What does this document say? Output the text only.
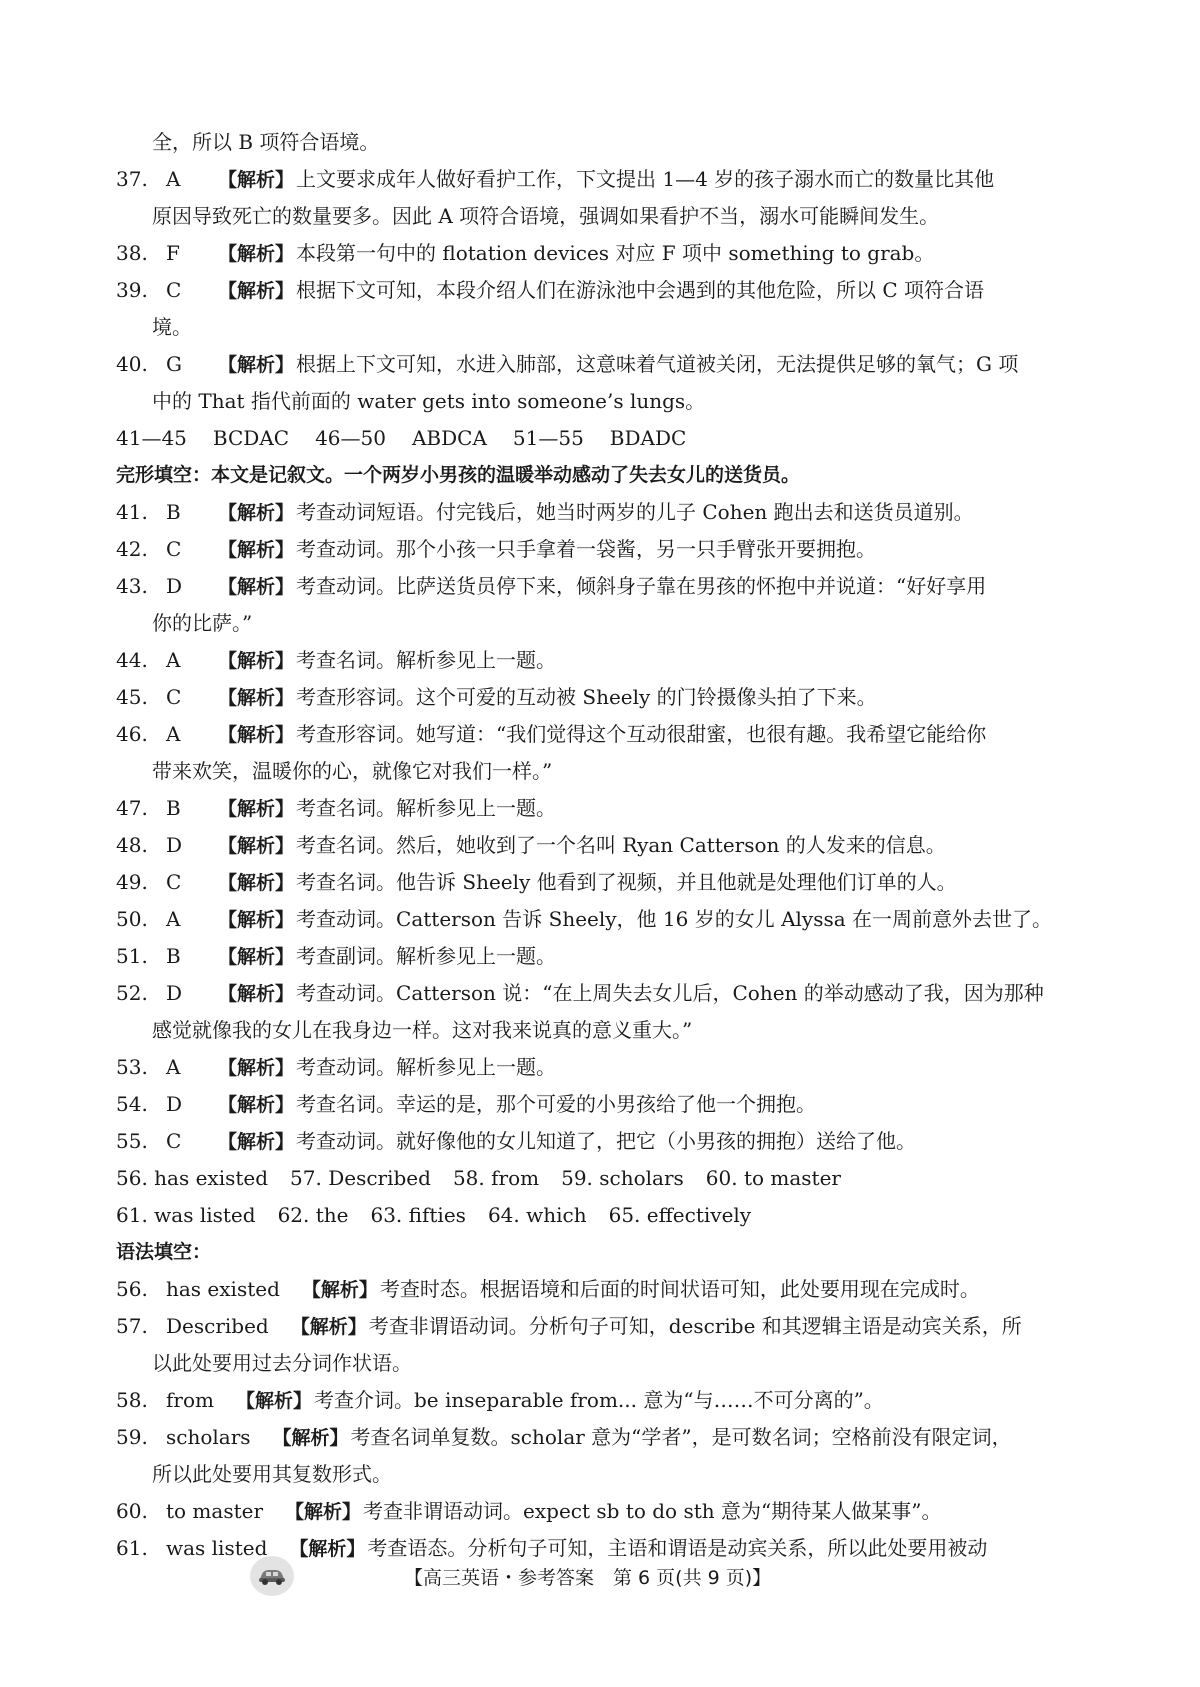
全，所以 B 项符合语境。
37. A	【解析】 上文要求成年人做好看护工作，下文提出 1—4 岁的孩子溺水而亡的数量比其他
原因导致死亡的数量要多。因此 A 项符合语境，强调如果看护不当，溺水可能瞬间发生。
38. F	【解析】 本段第一句中的 flotation devices 对应 F 项中 something to grab。
39. C	【解析】 根据下文可知，本段介绍人们在游泳池中会遇到的其他危险，所以 C 项符合语
境。
40. G	【解析】 根据上下文可知，水进入肺部，这意味着气道被关闭，无法提供足够的氧气；G 项
中的 That 指代前面的 water gets into someone’s lungs。
41—45 BCDAC 46—50 ABDCA 51—55 BDADC
完形填空：本文是记叙文。一个两岁小男孩的温暖举动感动了失去女儿的送货员。
41. B	【解析】 考查动词短语。付完钱后，她当时两岁的儿子 Cohen 跑出去和送货员道别。
42. C	【解析】 考查动词。那个小孩一只手拿着一袋酱，另一只手臂张开要拥抱。
43. D	【解析】 考查动词。比萨送货员停下来，倾斜身子靠在男孩的怀抱中并说道：“好好享用
你的比萨。”
44. A	【解析】 考查名词。解析参见上一题。
45. C	【解析】 考查形容词。这个可爱的互动被 Sheely 的门铃摄像头拍了下来。
46. A	【解析】 考查形容词。她写道：“我们觉得这个互动很甜蜜，也很有趣。我希望它能给你
带来欢笑，温暖你的心，就像它对我们一样。”
47. B	【解析】 考查名词。解析参见上一题。
48. D	【解析】 考查名词。然后，她收到了一个名叫 Ryan Catterson 的人发来的信息。
49. C	【解析】 考查名词。他告诉 Sheely 他看到了视频，并且他就是处理他们订单的人。
50. A	【解析】 考查动词。Catterson 告诉 Sheely，他 16 岁的女儿 Alyssa 在一周前意外去世了。
51. B	【解析】 考查副词。解析参见上一题。
52. D	【解析】 考查动词。Catterson 说：“在上周失去女儿后，Cohen 的举动感动了我，因为那种
感觉就像我的女儿在我身边一样。这对我来说真的意义重大。”
53. A	【解析】 考查动词。解析参见上一题。
54. D	【解析】 考查名词。幸运的是，那个可爱的小男孩给了他一个拥抱。
55. C	【解析】 考查动词。就好像他的女儿知道了，把它（小男孩的拥抱）送给了他。
56. has existed 57. Described 58. from 59. scholars 60. to master
61. was listed 62. the 63. fifties 64. which 65. effectively
语法填空：
56. has existed 【解析】 考查时态。根据语境和后面的时间状语可知，此处要用现在完成时。
57. Described 【解析】 考查非谓语动词。分析句子可知，describe 和其逻辑主语是动宾关系，所
以此处要用过去分词作状语。
58. from 【解析】 考查介词。be inseparable from... 意为“与……不可分离的”。
59. scholars 【解析】 考查名词单复数。scholar 意为“学者”，是可数名词；空格前没有限定词，
所以此处要用其复数形式。
60. to master 【解析】 考查非谓语动词。expect sb to do sth 意为“期待某人做某事”。
61. was listed 【解析】 考查语态。分析句子可知，主语和谓语是动宾关系，所以此处要用被动
【高三英语・参考答案　第 6 页(共 9 页)】
